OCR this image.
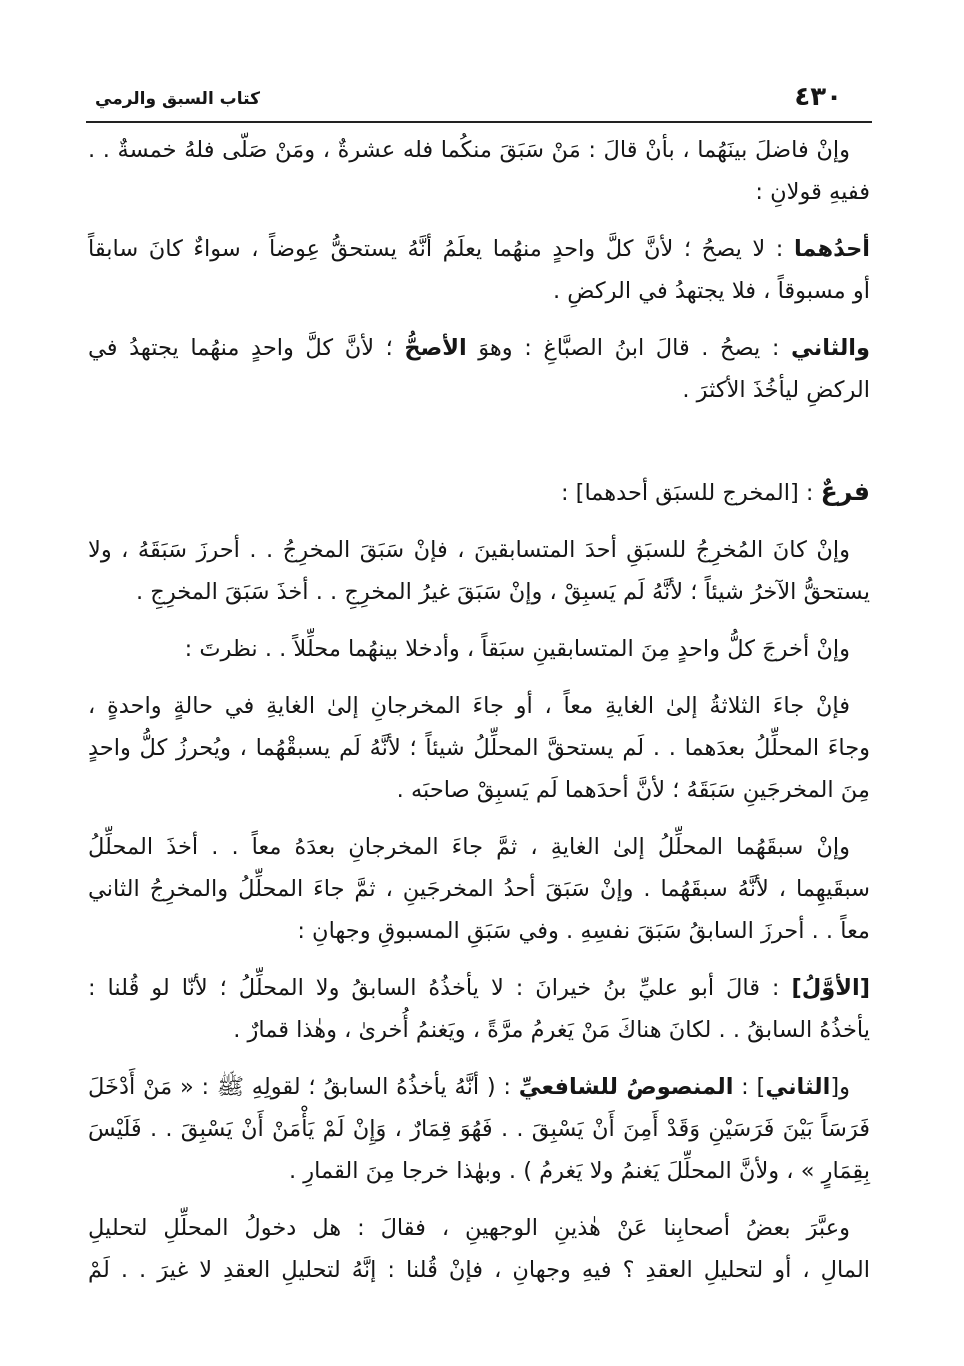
٤٣٠
كتاب السبق والرمي
وإنْ فاضلَ بينَهُما ، بأنْ قالَ : مَنْ سَبَقَ منكُما فله عشرةٌ ، ومَنْ صَلّى فلهُ خمسةٌ . .
ففيهِ قولانِ :
أحدُهما : لا يصحُ ؛ لأنَّ كلَّ واحدٍ منهُما يعلَمُ أنَّهُ يستحقُّ عِوضاً ، سواءٌ كانَ سابقاً
أو مسبوقاً ، فلا يجتهدُ في الركضِ .
والثاني : يصحُ . قالَ ابنُ الصبَّاغِ : وهوَ الأصحُّ ؛ لأنَّ كلَّ واحدٍ منهُما يجتهدُ في
الركضِ ليأخُذَ الأكثرَ .
فرعٌ : [المخرج للسبَق أحدهما] :
وإنْ كانَ المُخرِجُ للسبَقِ أحدَ المتسابقينَ ، فإنْ سَبَقَ المخرِجُ . . أحرزَ سَبَقَهُ ، ولا
يستحقُّ الآخرُ شيئاً ؛ لأنَّهُ لَم يَسبِقْ ، وإنْ سَبَقَ غيرُ المخرِجِ . . أخذَ سَبَقَ المخرِجِ .
وإنْ أخرجَ كلُّ واحدٍ مِنَ المتسابقينِ سبَقاً ، وأدخلا بينهُما محلِّلاً . . نظرتَ :
فإنْ جاءَ الثلاثةُ إلىٰ الغايةِ معاً ، أو جاءَ المخرجانِ إلىٰ الغايةِ في حالةٍ واحدةٍ ،
وجاءَ المحلِّلُ بعدَهما . . لَم يستحقَّ المحلِّلُ شيئاً ؛ لأنَّهُ لَم يسبقْهُما ، ويُحرزُ كلُّ واحدٍ
مِنَ المخرجَينِ سَبَقَهُ ؛ لأنَّ أحدَهما لَم يَسبِقْ صاحبَه .
وإنْ سبقَهُما المحلِّلُ إلىٰ الغايةِ ، ثمَّ جاءَ المخرجانِ بعدَهُ معاً . . أخذَ المحلِّلُ
سبقَيهِما ، لأنَّهُ سبقَهُما . وإنْ سَبَقَ أحدُ المخرجَينِ ، ثمَّ جاءَ المحلِّلُ والمخرِجُ الثاني
معاً . . أحرزَ السابقُ سَبَقَ نفسِهِ . وفي سَبَقِ المسبوقِ وجهانِ :
[الأوَّلُ] : قالَ أبو عليِّ بنُ خيرانَ : لا يأخذُهُ السابقُ ولا المحلِّلُ ؛ لأنّا لو قُلنا :
يأخذُهُ السابقُ . . لكانَ هناكَ مَنْ يَغرمُ مرَّةً ، ويَغنمُ أُخرىٰ ، وهٰذا قمارٌ .
و[الثاني] : المنصوصُ للشافعيِّ : ( أنَّهُ يأخذُهُ السابقُ ؛ لقولِهِ ﷺ : « مَنْ أَدْخَلَ
فَرَسَاً بَيْنَ فَرَسَيْنِ وَقَدْ أَمِنَ أَنْ يَسْبِقَ . . فَهُوَ قِمَارٌ ، وَإِنْ لَمْ يَأْمَنْ أَنْ يَسْبِقَ . . فَلَيْسَ
بِقِمَارٍ » ، ولأنَّ المحلِّلَ يَغنمُ ولا يَغرمُ ) . وبهٰذا خرجا مِنَ القمارِ .
وعبَّرَ بعضُ أصحابِنا عَنْ هٰذينِ الوجهينِ ، فقالَ : هل دخولُ المحلِّلِ لتحليلِ
المالِ ، أو لتحليلِ العقدِ ؟ فيهِ وجهانِ ، فإنْ قُلنا : إنَّهُ لتحليلِ العقدِ لا غيرَ . . لَمْ
